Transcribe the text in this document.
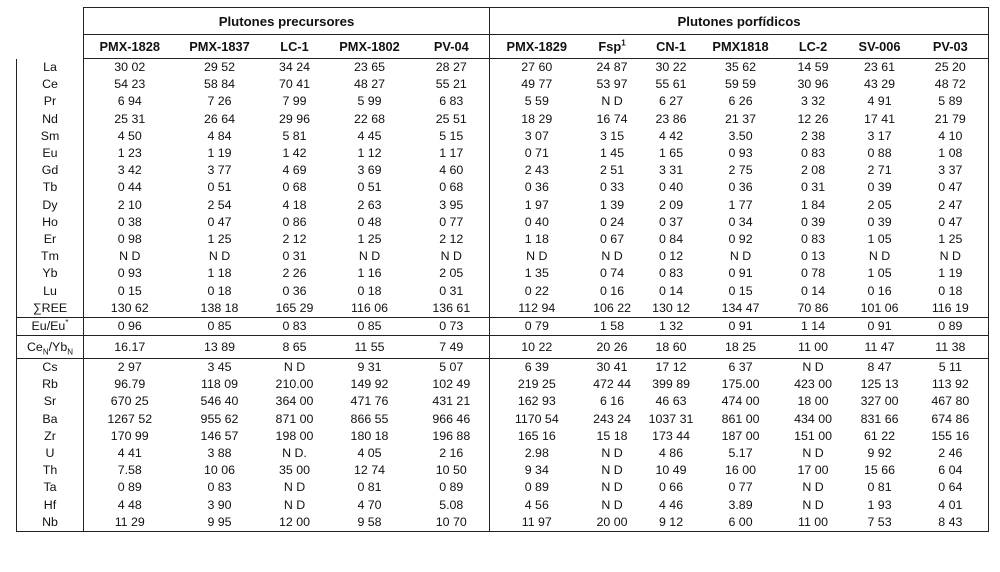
	Plutones precursores					Plutones porfídicos						
	PMX-1828	PMX-1837	LC-1	PMX-1802	PV-04	PMX-1829	Fsp$^1$	CN-1	PMX1818	LC-2	SV-006	PV-03
La	30 02	29 52	34 24	23 65	28 27	27 60	24 87	30 22	35 62	14 59	23 61	25 20
Ce	54 23	58 84	70 41	48 27	55 21	49 77	53 97	55 61	59 59	30 96	43 29	48 72
Pr	6 94	7 26	7 99	5 99	6 83	5 59	N D	6 27	6 26	3 32	4 91	5 89
Nd	25 31	26 64	29 96	22 68	25 51	18 29	16 74	23 86	21 37	12 26	17 41	21 79
Sm	4 50	4 84	5 81	4 45	5 15	3 07	3 15	4 42	3.50	2 38	3 17	4 10
Eu	1 23	1 19	1 42	1 12	1 17	0 71	1 45	1 65	0 93	0 83	0 88	1 08
Gd	3 42	3 77	4 69	3 69	4 60	2 43	2 51	3 31	2 75	2 08	2 71	3 37
Tb	0 44	0 51	0 68	0 51	0 68	0 36	0 33	0 40	0 36	0 31	0 39	0 47
Dy	2 10	2 54	4 18	2 63	3 95	1 97	1 39	2 09	1 77	1 84	2 05	2 47
Ho	0 38	0 47	0 86	0 48	0 77	0 40	0 24	0 37	0 34	0 39	0 39	0 47
Er	0 98	1 25	2 12	1 25	2 12	1 18	0 67	0 84	0 92	0 83	1 05	1 25
Tm	N D	N D	0 31	N D	N D	N D	N D	0 12	N D	0 13	N D	N D
Yb	0 93	1 18	2 26	1 16	2 05	1 35	0 74	0 83	0 91	0 78	1 05	1 19
Lu	0 15	0 18	0 36	0 18	0 31	0 22	0 16	0 14	0 15	0 14	0 16	0 18
∑REE	130 62	138 18	165 29	116 06	136 61	112 94	106 22	130 12	134 47	70 86	101 06	116 19
Eu/Eu*	0 96	0 85	0 83	0 85	0 73	0 79	1 58	1 32	0 91	1 14	0 91	0 89
$Ce_N/Yb_N$	16.17	13 89	8 65	11 55	7 49	10 22	20 26	18 60	18 25	11 00	11 47	11 38
Cs	2 97	3 45	N D	9 31	5 07	6 39	30 41	17 12	6 37	N D	8 47	5 11
Rb	96.79	118 09	210.00	149 92	102 49	219 25	472 44	399 89	175.00	423 00	125 13	113 92
Sr	670 25	546 40	364 00	471 76	431 21	162 93	6 16	46 63	474 00	18 00	327 00	467 80
Ba	1267 52	955 62	871 00	866 55	966 46	1170 54	243 24	1037 31	861 00	434 00	831 66	674 86
Zr	170 99	146 57	198 00	180 18	196 88	165 16	15 18	173 44	187 00	151 00	61 22	155 16
U	4 41	3 88	N D.	4 05	2 16	2.98	N D	4 86	5.17	N D	9 92	2 46
Th	7.58	10 06	35 00	12 74	10 50	9 34	N D	10 49	16 00	17 00	15 66	6 04
Ta	0 89	0 83	N D	0 81	0 89	0 89	N D	0 66	0 77	N D	0 81	0 64
Hf	4 48	3 90	N D	4 70	5.08	4 56	N D	4 46	3.89	N D	1 93	4 01
Nb	11 29	9 95	12 00	9 58	10 70	11 97	20 00	9 12	6 00	11 00	7 53	8 43
